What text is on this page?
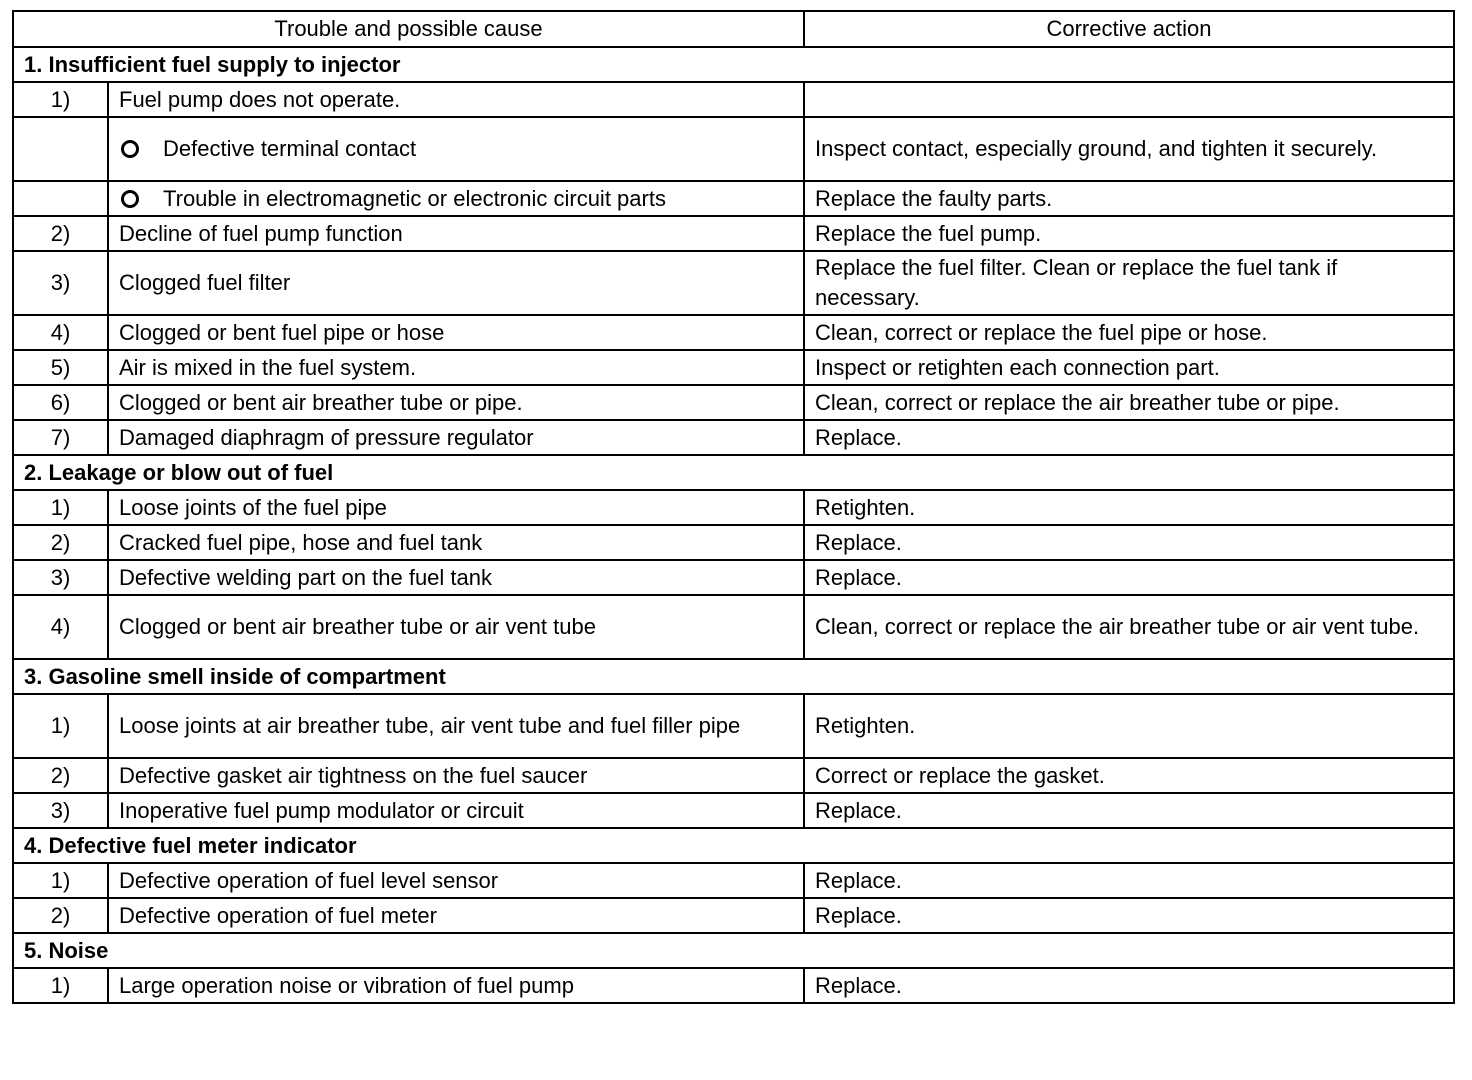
Trouble and possible cause		Corrective action
1. Insufficient fuel supply to injector		
1)	Fuel pump does not operate.	
	Defective terminal contact	Inspect contact, especially ground, and tighten it securely.
	Trouble in electromagnetic or electronic circuit parts	Replace the faulty parts.
2)	Decline of fuel pump function	Replace the fuel pump.
3)	Clogged fuel filter	Replace the fuel filter. Clean or replace the fuel tank if necessary.
4)	Clogged or bent fuel pipe or hose	Clean, correct or replace the fuel pipe or hose.
5)	Air is mixed in the fuel system.	Inspect or retighten each connection part.
6)	Clogged or bent air breather tube or pipe.	Clean, correct or replace the air breather tube or pipe.
7)	Damaged diaphragm of pressure regulator	Replace.
2. Leakage or blow out of fuel		
1)	Loose joints of the fuel pipe	Retighten.
2)	Cracked fuel pipe, hose and fuel tank	Replace.
3)	Defective welding part on the fuel tank	Replace.
4)	Clogged or bent air breather tube or air vent tube	Clean, correct or replace the air breather tube or air vent tube.
3. Gasoline smell inside of compartment		
1)	Loose joints at air breather tube, air vent tube and fuel filler pipe	Retighten.
2)	Defective gasket air tightness on the fuel saucer	Correct or replace the gasket.
3)	Inoperative fuel pump modulator or circuit	Replace.
4. Defective fuel meter indicator		
1)	Defective operation of fuel level sensor	Replace.
2)	Defective operation of fuel meter	Replace.
5. Noise		
1)	Large operation noise or vibration of fuel pump	Replace.
